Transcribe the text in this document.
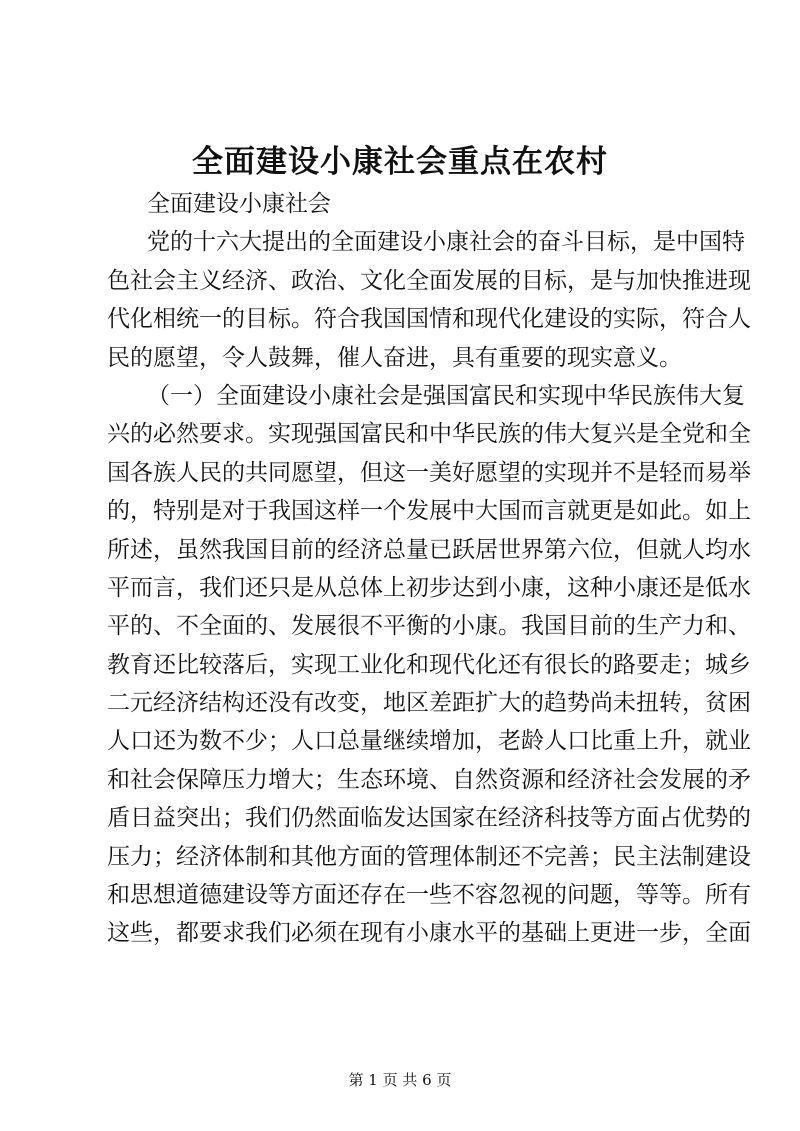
全面建设小康社会重点在农村
全面建设小康社会
党的十六大提出的全面建设小康社会的奋斗目标，是中国特
色社会主义经济、政治、文化全面发展的目标，是与加快推进现
代化相统一的目标。符合我国国情和现代化建设的实际，符合人
民的愿望，令人鼓舞，催人奋进，具有重要的现实意义。
（一）全面建设小康社会是强国富民和实现中华民族伟大复
兴的必然要求。实现强国富民和中华民族的伟大复兴是全党和全
国各族人民的共同愿望，但这一美好愿望的实现并不是轻而易举
的，特别是对于我国这样一个发展中大国而言就更是如此。如上
所述，虽然我国目前的经济总量已跃居世界第六位，但就人均水
平而言，我们还只是从总体上初步达到小康，这种小康还是低水
平的、不全面的、发展很不平衡的小康。我国目前的生产力和、
教育还比较落后，实现工业化和现代化还有很长的路要走；城乡
二元经济结构还没有改变，地区差距扩大的趋势尚未扭转，贫困
人口还为数不少；人口总量继续增加，老龄人口比重上升，就业
和社会保障压力增大；生态环境、自然资源和经济社会发展的矛
盾日益突出；我们仍然面临发达国家在经济科技等方面占优势的
压力；经济体制和其他方面的管理体制还不完善；民主法制建设
和思想道德建设等方面还存在一些不容忽视的问题，等等。所有
这些，都要求我们必须在现有小康水平的基础上更进一步，全面
第 1 页 共 6 页
